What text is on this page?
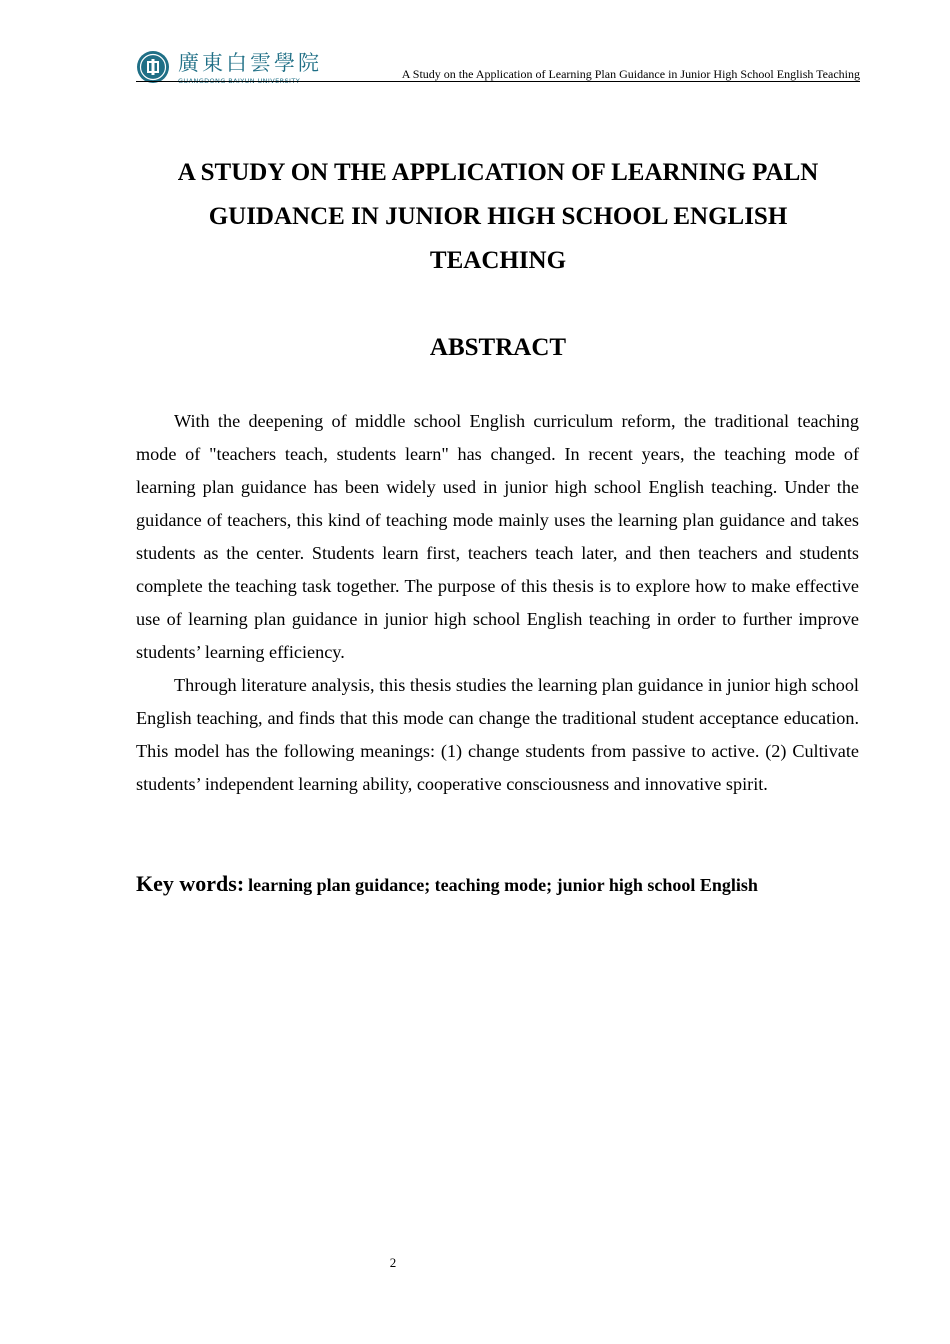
廣東白雲學院
GUANGDONG BAIYUN UNIVERSITY	A Study on the Application of Learning Plan Guidance in Junior High School English Teaching
A STUDY ON THE APPLICATION OF LEARNING PALN
GUIDANCE IN JUNIOR HIGH SCHOOL ENGLISH
TEACHING
ABSTRACT

With the deepening of middle school English curriculum reform, the traditional teaching mode of "teachers teach, students learn" has changed. In recent years, the teaching mode of learning plan guidance has been widely used in junior high school English teaching. Under the guidance of teachers, this kind of teaching mode mainly uses the learning plan guidance and takes students as the center. Students learn first, teachers teach later, and then teachers and students complete the teaching task together. The purpose of this thesis is to explore how to make effective use of learning plan guidance in junior high school English teaching in order to further improve students’ learning efficiency.

Through literature analysis, this thesis studies the learning plan guidance in junior high school English teaching, and finds that this mode can change the traditional student acceptance education. This model has the following meanings: (1) change students from passive to active. (2) Cultivate students’ independent learning ability, cooperative consciousness and innovative spirit.

Key words: learning plan guidance; teaching mode; junior high school English
2
